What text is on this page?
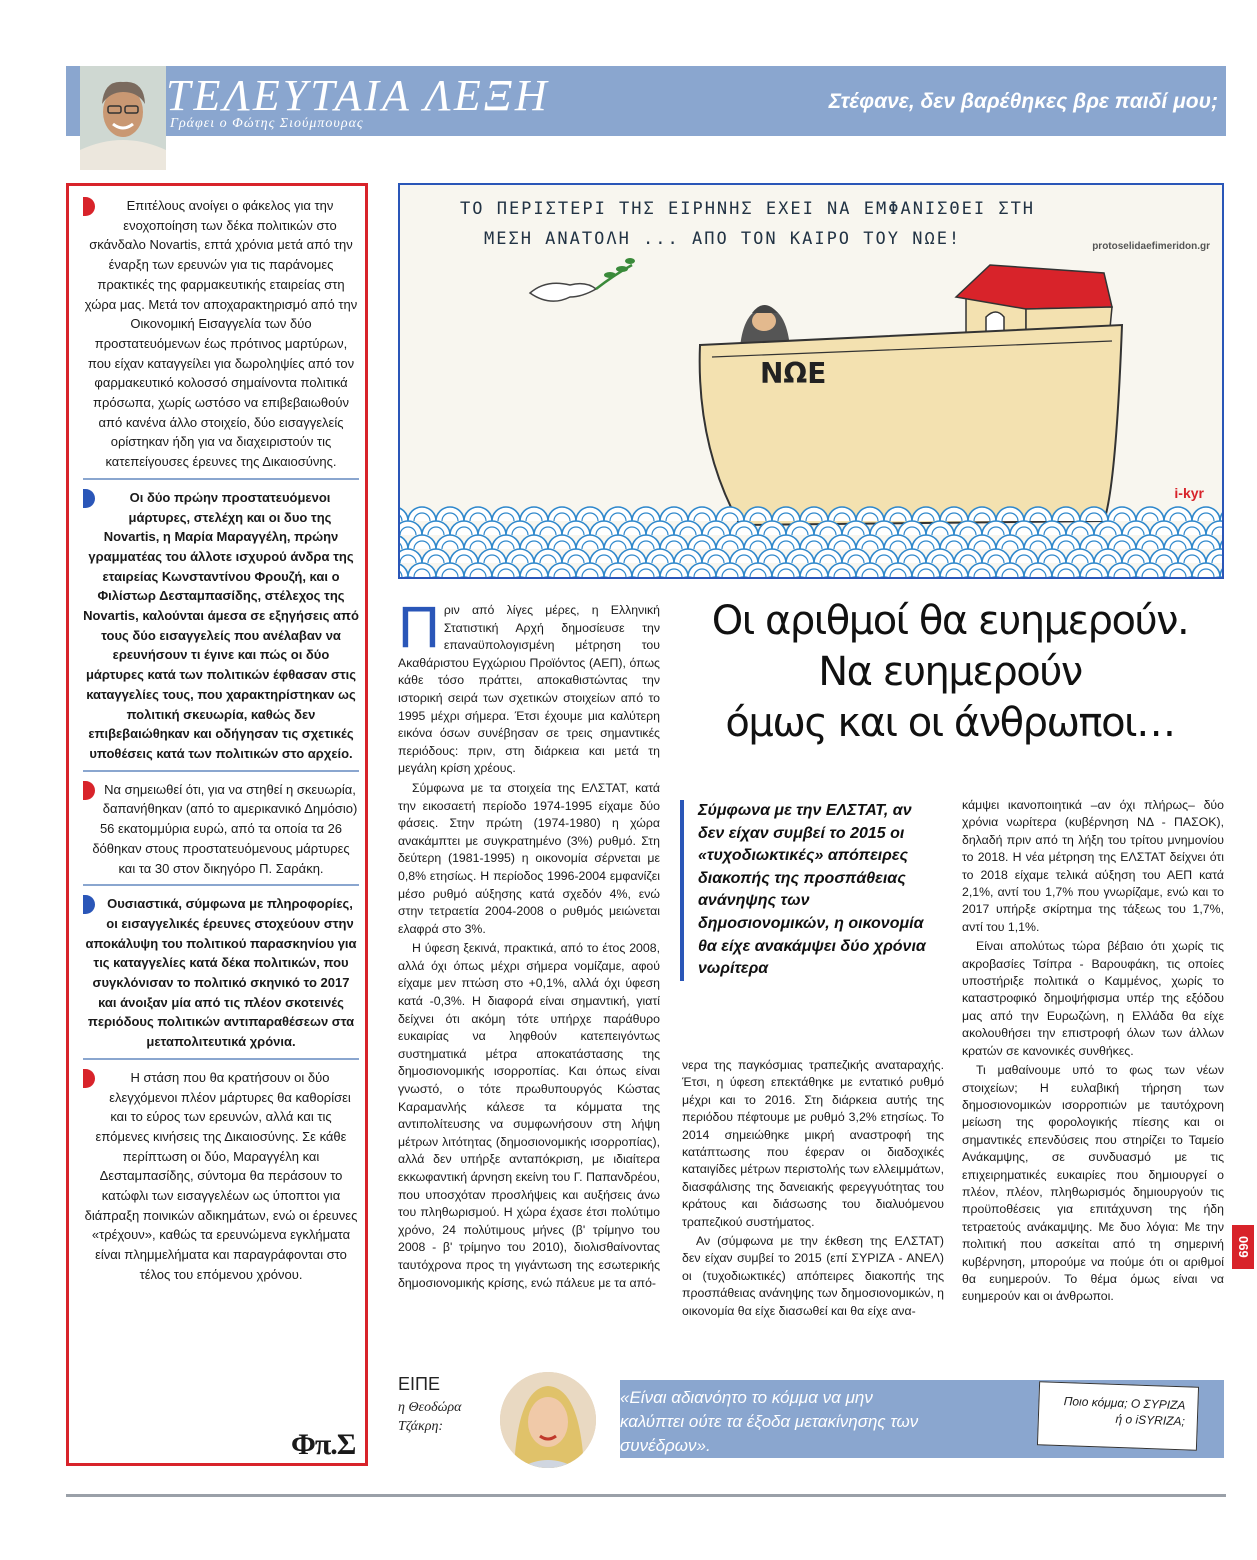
ΤΕΛΕΥΤΑΙΑ ΛΕΞΗ
Γράφει ο Φώτης Σιούμπουρας
Στέφανε, δεν βαρέθηκες βρε παιδί μου;

Επιτέλους ανοίγει ο φάκελος για την ενοχοποίηση των δέκα πολιτικών στο σκάνδαλο Novartis, επτά χρόνια μετά από την έναρξη των ερευνών για τις παράνομες πρακτικές της φαρμακευτικής εταιρείας στη χώρα μας. Μετά τον αποχαρακτηρισμό από την Οικονομική Εισαγγελία των δύο προστατευόμενων έως πρότινος μαρτύρων, που είχαν καταγγείλει για δωροληψίες από τον φαρμακευτικό κολοσσό σημαίνοντα πολιτικά πρόσωπα, χωρίς ωστόσο να επιβεβαιωθούν από κανένα άλλο στοιχείο, δύο εισαγγελείς ορίστηκαν ήδη για να διαχειριστούν τις κατεπείγουσες έρευνες της Δικαιοσύνης.

Οι δύο πρώην προστατευόμενοι μάρτυρες, στελέχη και οι δυο της Novartis, η Μαρία Μαραγγέλη, πρώην γραμματέας του άλλοτε ισχυρού άνδρα της εταιρείας Κωνσταντίνου Φρουζή, και ο Φιλίστωρ Δεσταμπασίδης, στέλεχος της Novartis, καλούνται άμεσα σε εξηγήσεις από τους δύο εισαγγελείς που ανέλαβαν να ερευνήσουν τι έγινε και πώς οι δύο μάρτυρες κατά των πολιτικών έφθασαν στις καταγγελίες τους, που χαρακτηρίστηκαν ως πολιτική σκευωρία, καθώς δεν επιβεβαιώθηκαν και οδήγησαν τις σχετικές υποθέσεις κατά των πολιτικών στο αρχείο.

Να σημειωθεί ότι, για να στηθεί η σκευωρία, δαπανήθηκαν (από το αμερικανικό Δημόσιο) 56 εκατομμύρια ευρώ, από τα οποία τα 26 δόθηκαν στους προστατευόμενους μάρτυρες και τα 30 στον δικηγόρο Π. Σαράκη.

Ουσιαστικά, σύμφωνα με πληροφορίες, οι εισαγγελικές έρευνες στοχεύουν στην αποκάλυψη του πολιτικού παρασκηνίου για τις καταγγελίες κατά δέκα πολιτικών, που συγκλόνισαν το πολιτικό σκηνικό το 2017 και άνοιξαν μία από τις πλέον σκοτεινές περιόδους πολιτικών αντιπαραθέσεων στα μεταπολιτευτικά χρόνια.

Η στάση που θα κρατήσουν οι δύο ελεγχόμενοι πλέον μάρτυρες θα καθορίσει και το εύρος των ερευνών, αλλά και τις επόμενες κινήσεις της Δικαιοσύνης. Σε κάθε περίπτωση οι δύο, Μαραγγέλη και Δεσταμπασίδης, σύντομα θα περάσουν το κατώφλι των εισαγγελέων ως ύποπτοι για διάπραξη ποινικών αδικημάτων, ενώ οι έρευνες «τρέχουν», καθώς τα ερευνώμενα εγκλήματα είναι πλημμελήματα και παραγράφονται στο τέλος του επόμενου χρόνου.

Φπ.Σ
ΤΟ ΠΕΡΙΣΤΕΡΙ ΤΗΣ ΕΙΡΗΝΗΣ ΕΧΕΙ ΝΑ ΕΜΦΑΝΙΣΘΕΙ ΣΤΗ
ΜΕΣΗ ΑΝΑΤΟΛΗ ... ΑΠΟ ΤΟΝ ΚΑΙΡΟ ΤΟΥ ΝΩΕ!	protoselidaefimeridon.gr
ΝΩΕ
i-kyr
Οι αριθμοί θα ευημερούν.
Να ευημερούν
όμως και οι άνθρωποι…

Πριν από λίγες μέρες, η Ελληνική Στατιστική Αρχή δημοσίευσε την επαναϋπολογισμένη μέτρηση του Ακαθάριστου Εγχώριου Προϊόντος (ΑΕΠ), όπως κάθε τόσο πράττει, αποκαθιστώντας την ιστορική σειρά των σχετικών στοιχείων από το 1995 μέχρι σήμερα. Έτσι έχουμε μια καλύτερη εικόνα όσων συνέβησαν σε τρεις σημαντικές περιόδους: πριν, στη διάρκεια και μετά τη μεγάλη κρίση χρέους.

Σύμφωνα με τα στοιχεία της ΕΛΣΤΑΤ, κατά την εικοσαετή περίοδο 1974-1995 είχαμε δύο φάσεις. Στην πρώτη (1974-1980) η χώρα ανακάμπτει με συγκρατημένο (3%) ρυθμό. Στη δεύτερη (1981-1995) η οικονομία σέρνεται με 0,8% ετησίως. Η περίοδος 1996-2004 εμφανίζει μέσο ρυθμό αύξησης κατά σχεδόν 4%, ενώ στην τετραετία 2004-2008 ο ρυθμός μειώνεται ελαφρά στο 3%.

Η ύφεση ξεκινά, πρακτικά, από το έτος 2008, αλλά όχι όπως μέχρι σήμερα νομίζαμε, αφού είχαμε μεν πτώση στο +0,1%, αλλά όχι ύφεση κατά -0,3%. Η διαφορά είναι σημαντική, γιατί δείχνει ότι ακόμη τότε υπήρχε παράθυρο ευκαιρίας να ληφθούν κατεπειγόντως συστηματικά μέτρα αποκατάστασης της δημοσιονομικής ισορροπίας. Και όπως είναι γνωστό, ο τότε πρωθυπουργός Κώστας Καραμανλής κάλεσε τα κόμματα της αντιπολίτευσης να συμφωνήσουν στη λήψη μέτρων λιτότητας (δημοσιονομικής ισορροπίας), αλλά δεν υπήρξε ανταπόκριση, με ιδιαίτερα εκκωφαντική άρνηση εκείνη του Γ. Παπανδρέου, που υποσχόταν προσλήψεις και αυξήσεις άνω του πληθωρισμού. Η χώρα έχασε έτσι πολύτιμο χρόνο, 24 πολύτιμους μήνες (β' τρίμηνο του 2008 - β' τρίμηνο του 2010), διολισθαίνοντας ταυτόχρονα προς τη γιγάντωση της εσωτερικής δημοσιονομικής κρίσης, ενώ πάλευε με τα από-

Σύμφωνα με την ΕΛΣΤΑΤ, αν δεν είχαν συμβεί το 2015 οι «τυχοδιωκτικές» απόπειρες διακοπής της προσπάθειας ανάνηψης των δημοσιονομικών, η οικονομία θα είχε ανακάμψει δύο χρόνια νωρίτερα

νερα της παγκόσμιας τραπεζικής αναταραχής. Έτσι, η ύφεση επεκτάθηκε με εντατικό ρυθμό μέχρι και το 2016. Στη διάρκεια αυτής της περιόδου πέφτουμε με ρυθμό 3,2% ετησίως. Το 2014 σημειώθηκε μικρή αναστροφή της κατάπτωσης που έφεραν οι διαδοχικές καταιγίδες μέτρων περιστολής των ελλειμμάτων, διασφάλισης της δανειακής φερεγγυότητας του κράτους και διάσωσης του διαλυόμενου τραπεζικού συστήματος.

Αν (σύμφωνα με την έκθεση της ΕΛΣΤΑΤ) δεν είχαν συμβεί το 2015 (επί ΣΥΡΙΖΑ - ΑΝΕΛ) οι (τυχοδιωκτικές) απόπειρες διακοπής της προσπάθειας ανάνηψης των δημοσιονομικών, η οικονομία θα είχε διασωθεί και θα είχε ανα-

κάμψει ικανοποιητικά –αν όχι πλήρως– δύο χρόνια νωρίτερα (κυβέρνηση ΝΔ - ΠΑΣΟΚ), δηλαδή πριν από τη λήξη του τρίτου μνημονίου το 2018. Η νέα μέτρηση της ΕΛΣΤΑΤ δείχνει ότι το 2018 είχαμε τελικά αύξηση του ΑΕΠ κατά 2,1%, αντί του 1,7% που γνωρίζαμε, ενώ και το 2017 υπήρξε σκίρτημα της τάξεως του 1,7%, αντί του 1,1%.

Είναι απολύτως τώρα βέβαιο ότι χωρίς τις ακροβασίες Τσίπρα - Βαρουφάκη, τις οποίες υποστήριξε πολιτικά ο Καμμένος, χωρίς το καταστροφικό δημοψήφισμα υπέρ της εξόδου μας από την Ευρωζώνη, η Ελλάδα θα είχε ακολουθήσει την επιστροφή όλων των άλλων κρατών σε κανονικές συνθήκες.

Τι μαθαίνουμε υπό το φως των νέων στοιχείων; Η ευλαβική τήρηση των δημοσιονομικών ισορροπιών με ταυτόχρονη μείωση της φορολογικής πίεσης και οι σημαντικές επενδύσεις που στηρίζει το Ταμείο Ανάκαμψης, σε συνδυασμό με τις επιχειρηματικές ευκαιρίες που δημιουργεί ο πλέον, πλέον, πληθωρισμός δημιουργούν τις προϋποθέσεις για επιτάχυνση της ήδη τετραετούς ανάκαμψης. Με δυο λόγια: Με την πολιτική που ασκείται από τη σημερινή κυβέρνηση, μπορούμε να πούμε ότι οι αριθμοί θα ευημερούν. Το θέμα όμως είναι να ευημερούν και οι άνθρωποι.

069
ΕΙΠΕ
η Θεοδώρα
Τζάκρη:
«Είναι αδιανόητο το κόμμα να μην καλύπτει ούτε τα έξοδα μετακίνησης των συνέδρων».
Ποιο κόμμα; Ο ΣΥΡΙΖΑ
ή ο iSYRIZA;
